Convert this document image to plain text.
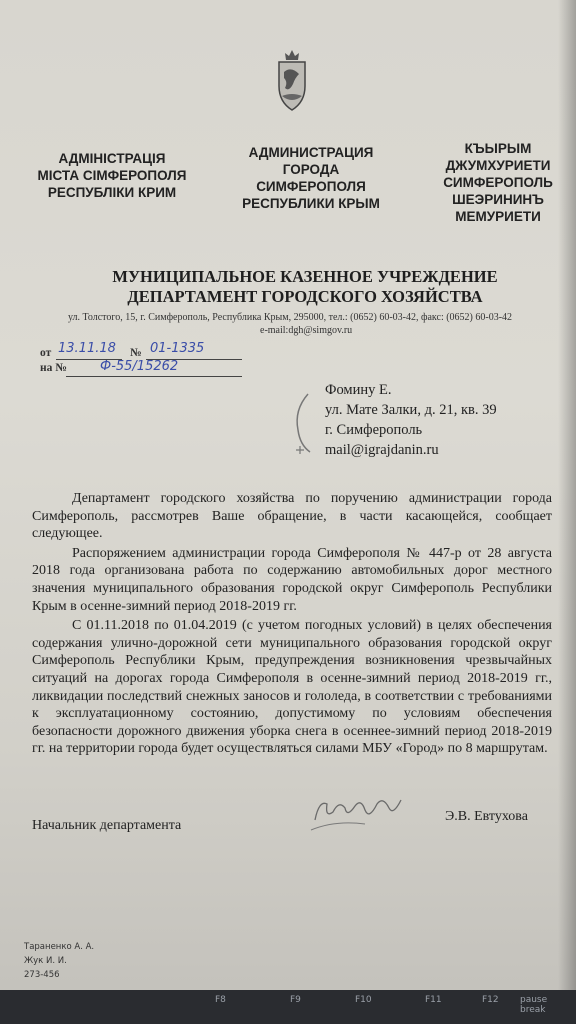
АДМІНІСТРАЦІЯ
МІСТА СІМФЕРОПОЛЯ
РЕСПУБЛІКИ КРИМ
АДМИНИСТРАЦИЯ
ГОРОДА
СИМФЕРОПОЛЯ
РЕСПУБЛИКИ КРЫМ
КЪЫРЫМ
ДЖУМХУРИЕТИ
СИМФЕРОПОЛЬ
ШЕЭРИНИНЪ
МЕМУРИЕТИ
МУНИЦИПАЛЬНОЕ КАЗЕННОЕ УЧРЕЖДЕНИЕ
ДЕПАРТАМЕНТ ГОРОДСКОГО ХОЗЯЙСТВА
ул. Толстого, 15, г. Симферополь, Республика Крым, 295000, тел.: (0652) 60-03-42, факс: (0652) 60-03-42
e-mail:dgh@simgov.ru
от 13.11.18 № 01-1335
на №	Ф-55/15262
Фомину Е.
ул. Мате Залки, д. 21, кв. 39
г. Симферополь
mail@igrajdanin.ru

Департамент городского хозяйства по поручению администрации города Симферополь, рассмотрев Ваше обращение, в части касающейся, сообщает следующее.

Распоряжением администрации города Симферополя № 447-р от 28 августа 2018 года организована работа по содержанию автомобильных дорог местного значения муниципального образования городской округ Симферополь Республики Крым в осенне-зимний период 2018-2019 гг.

С 01.11.2018 по 01.04.2019 (с учетом погодных условий) в целях обеспечения содержания улично-дорожной сети муниципального образования городской округ Симферополь Республики Крым, предупреждения возникновения чрезвычайных ситуаций на дорогах города Симферополя в осенне-зимний период 2018-2019 гг., ликвидации последствий снежных заносов и гололеда, в соответствии с требованиями к эксплуатационному состоянию, допустимому по условиям обеспечения безопасности дорожного движения уборка снега в осеннее-зимний период 2018-2019 гг. на территории города будет осуществляться силами МБУ «Город» по 8 маршрутам.

Начальник департамента
Э.В. Евтухова
Тараненко А. А.
Жук И. И.
273-456
F8	F9	F10	F11	F12 pause break
